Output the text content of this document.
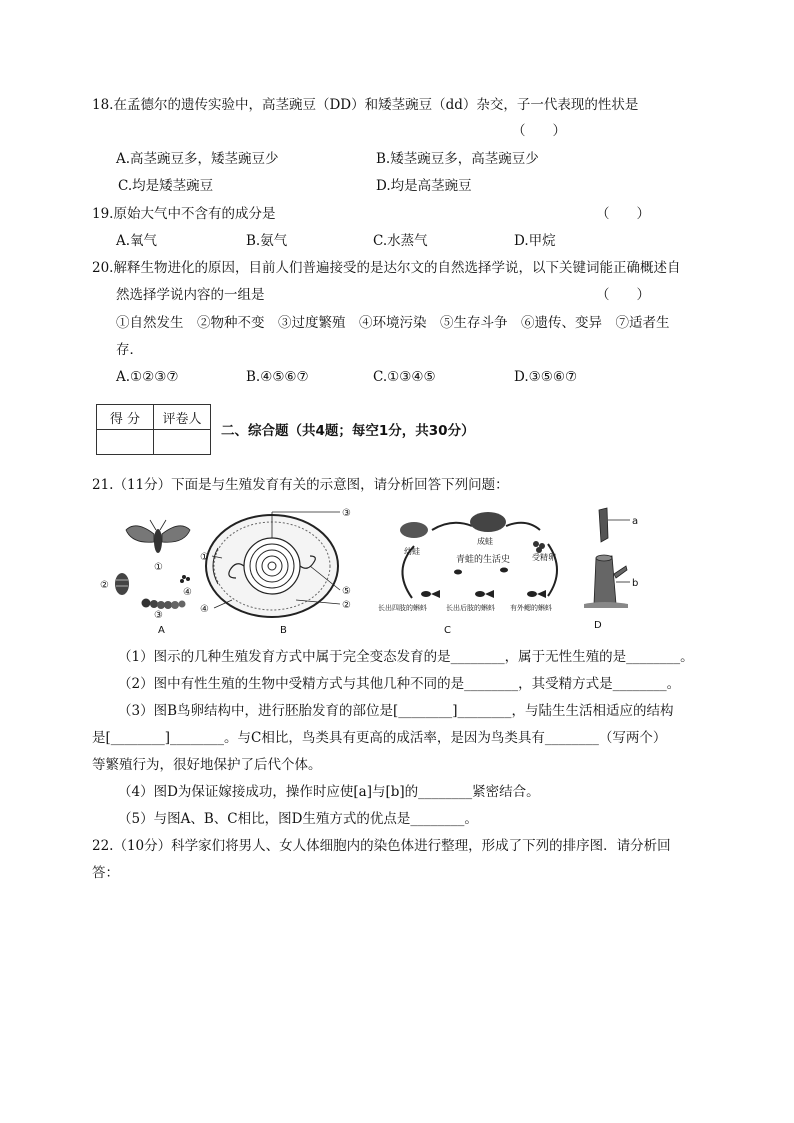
18.在孟德尔的遗传实验中，高茎豌豆（DD）和矮茎豌豆（dd）杂交，子一代表现的性状是
（　　）
A.高茎豌豆多，矮茎豌豆少	B.矮茎豌豆多，高茎豌豆少
C.均是矮茎豌豆	D.均是高茎豌豆
19.原始大气中不含有的成分是	（　　）
A.氧气	B.氨气	C.水蒸气	D.甲烷
20.解释生物进化的原因，目前人们普遍接受的是达尔文的自然选择学说，以下关键词能正确概述自
然选择学说内容的一组是	（　　）
①自然发生　②物种不变　③过度繁殖　④环境污染　⑤生存斗争　⑥遗传、变异　⑦适者生
存．
A.①②③⑦	B.④⑤⑥⑦	C.①③④⑤	D.③⑤⑥⑦
得 分	评卷人

二、综合题（共4题；每空1分，共30分）
21.（11分）下面是与生殖发育有关的示意图，请分析回答下列问题：
①
②
④
③
A
③
①
④
⑤
②
B
成蛙
幼蛙
受精卵
青蛙的生活史
长出四肢的蝌蚪	长出后肢的蝌蚪 有外鳃的蝌蚪
C
a
b
D
（1）图示的几种生殖发育方式中属于完全变态发育的是________，属于无性生殖的是________。
（2）图中有性生殖的生物中受精方式与其他几种不同的是________，其受精方式是________。
（3）图B鸟卵结构中，进行胚胎发育的部位是[________]________，与陆生生活相适应的结构
是[________]________。与C相比，鸟类具有更高的成活率，是因为鸟类具有________（写两个）
等繁殖行为，很好地保护了后代个体。
（4）图D为保证嫁接成功，操作时应使[a]与[b]的________紧密结合。
（5）与图A、B、C相比，图D生殖方式的优点是________。
22.（10分）科学家们将男人、女人体细胞内的染色体进行整理，形成了下列的排序图．请分析回
答：
